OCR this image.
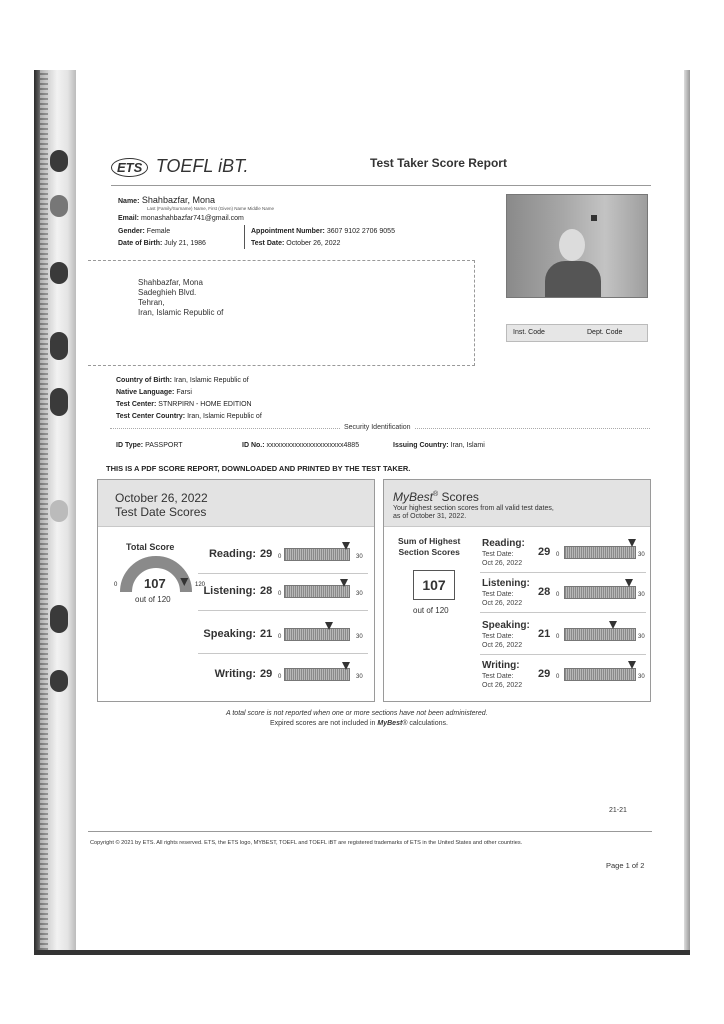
ETS TOEFL iBT.	Test Taker Score Report
Name: Shahbazfar, Mona
Last (Family/Surname) Name, First (Given) Name Middle Name
Email: monashahbazfar741@gmail.com
Gender: Female
Date of Birth: July 21, 1986
Appointment Number: 3607 9102 2706 9055
Test Date: October 26, 2022
Shahbazfar, Mona
Sadeghieh Blvd.
Tehran,
Iran, Islamic Republic of
Inst. Code	Dept. Code
Country of Birth: Iran, Islamic Republic of
Native Language: Farsi
Test Center: STNRPIRN - HOME EDITION
Test Center Country: Iran, Islamic Republic of
Security Identification
ID Type: PASSPORT	ID No.: xxxxxxxxxxxxxxxxxxxxxx4885	Issuing Country: Iran, Islami
THIS IS A PDF SCORE REPORT, DOWNLOADED AND PRINTED BY THE TEST TAKER.
October 26, 2022
Test Date Scores
Total Score
0	120
107
out of 120
Reading: 29 0	30
Listening: 28 0	30
Speaking: 21 0	30
Writing: 29 0	30
MyBest® Scores
Your highest section scores from all valid test dates,
as of October 31, 2022.
Sum of Highest
Section Scores
107
out of 120
Reading:
Test Date:
Oct 26, 2022
29 0	30
Listening:
Test Date:
Oct 26, 2022
28 0	30
Speaking:
Test Date:
Oct 26, 2022
21 0	30
Writing:
Test Date:
Oct 26, 2022
29 0	30
A total score is not reported when one or more sections have not been administered.
Expired scores are not included in MyBest® calculations.
21-21
Copyright © 2021 by ETS. All rights reserved. ETS, the ETS logo, MYBEST, TOEFL and TOEFL iBT are registered trademarks of ETS in the United States and other countries.
Page 1 of 2
